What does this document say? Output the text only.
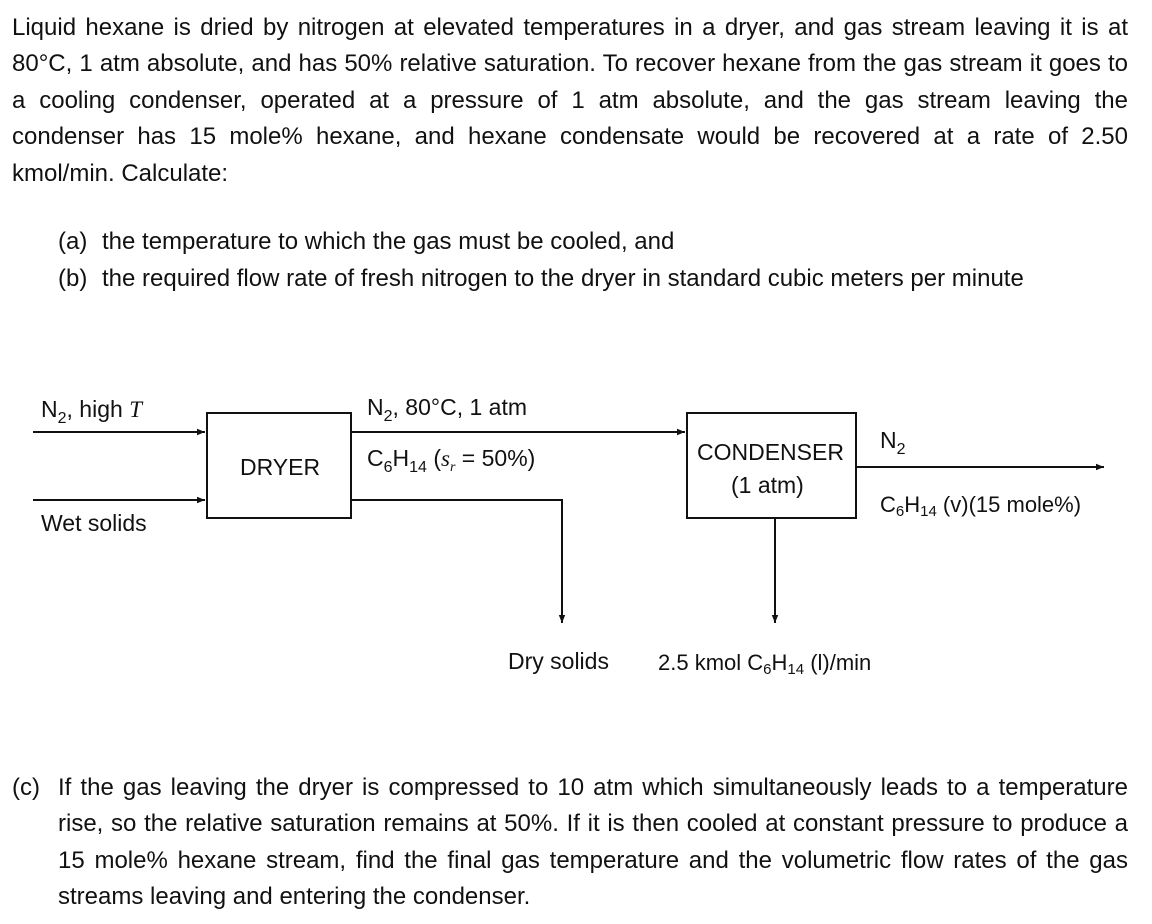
Liquid hexane is dried by nitrogen at elevated temperatures in a dryer, and gas stream leaving it is at 80°C, 1 atm absolute, and has 50% relative saturation. To recover hexane from the gas stream it goes to a cooling condenser, operated at a pressure of 1 atm absolute, and the gas stream leaving the condenser has 15 mole% hexane, and hexane condensate would be recovered at a rate of 2.50 kmol/min. Calculate:

(a) the temperature to which the gas must be cooled, and
(b) the required flow rate of fresh nitrogen to the dryer in standard cubic meters per minute
DRYER
CONDENSER
(1 atm)
$N_2$, high T
Wet solids
$N_2$, 80°C, 1 atm
$C_6H_{14}$ $(s_r = 50\%)$
Dry solids
$N_2$
C6H14 (v)(15 mole%)
2.5 kmol C6H14 (l)/min
(c) If the gas leaving the dryer is compressed to 10 atm which simultaneously leads to a temperature rise, so the relative saturation remains at 50%. If it is then cooled at constant pressure to produce a 15 mole% hexane stream, find the final gas temperature and the volumetric flow rates of the gas streams leaving and entering the condenser.
